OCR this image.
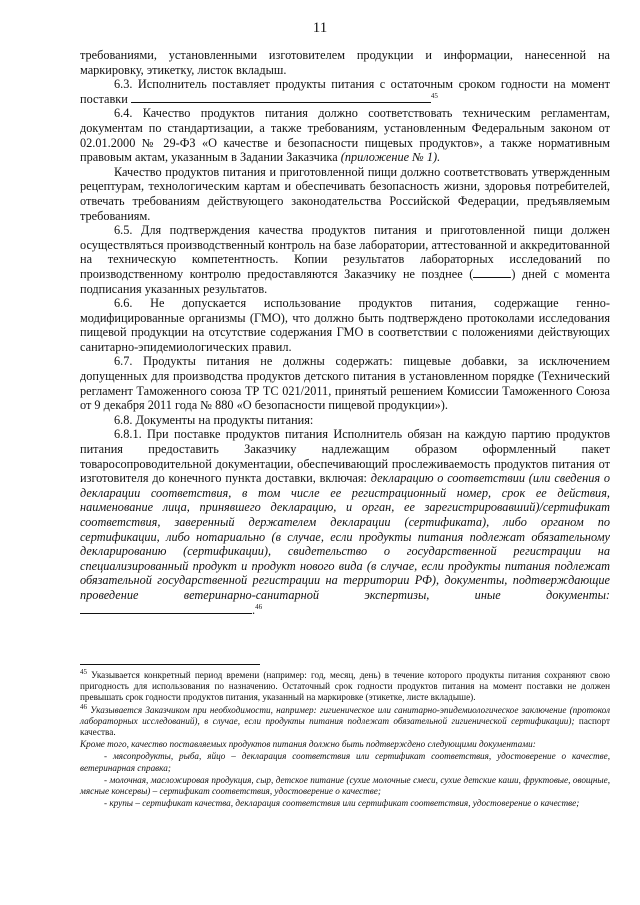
11

требованиями, установленными изготовителем продукции и информации, нанесенной на маркировку, этикетку, листок вкладыш.

6.3. Исполнитель поставляет продукты питания с остаточным сроком годности на момент поставки	$^{45}$

6.4. Качество продуктов питания должно соответствовать техническим регламентам, документам по стандартизации, а также требованиям, установленным Федеральным законом от 02.01.2000 № 29-ФЗ «О качестве и безопасности пищевых продуктов», а также нормативным правовым актам, указанным в Задании Заказчика (приложение № 1).

Качество продуктов питания и приготовленной пищи должно соответствовать утвержденным рецептурам, технологическим картам и обеспечивать безопасность жизни, здоровья потребителей, отвечать требованиям действующего законодательства Российской Федерации, предъявляемым требованиям.

6.5. Для подтверждения качества продуктов питания и приготовленной пищи должен осуществляться производственный контроль на базе лаборатории, аттестованной и аккредитованной на техническую компетентность. Копии результатов лабораторных исследований по производственному контролю предоставляются Заказчику не позднее (	) дней с момента подписания указанных результатов.

6.6. Не допускается использование продуктов питания, содержащие генно-модифицированные организмы (ГМО), что должно быть подтверждено протоколами исследования пищевой продукции на отсутствие содержания ГМО в соответствии с положениями действующих санитарно-эпидемиологических правил.

6.7. Продукты питания не должны содержать: пищевые добавки, за исключением допущенных для производства продуктов детского питания в установленном порядке (Технический регламент Таможенного союза ТР ТС 021/2011, принятый решением Комиссии Таможенного Союза от 9 декабря 2011 года № 880 «О безопасности пищевой продукции»).

6.8. Документы на продукты питания:

6.8.1. При поставке продуктов питания Исполнитель обязан на каждую партию продуктов питания предоставить Заказчику надлежащим образом оформленный пакет товаросопроводительной документации, обеспечивающий прослеживаемость продуктов питания от изготовителя до конечного пункта доставки, включая: декларацию о соответствии (или сведения о декларации соответствия, в том числе ее регистрационный номер, срок ее действия, наименование лица, принявшего декларацию, и орган, ее зарегистрировавший)/сертификат соответствия, заверенный держателем декларации (сертификата), либо органом по сертификации, либо нотариально (в случае, если продукты питания подлежат обязательному декларированию (сертификации), свидетельство о государственной регистрации на специализированный продукт и продукт нового вида (в случае, если продукты питания подлежат обязательной государственной регистрации на территории РФ), документы, подтверждающие проведение ветеринарно-санитарной экспертизы, иные документы:.$^{46}$

$^{45}$ Указывается конкретный период времени (например: год, месяц, день) в течение которого продукты питания сохраняют свою пригодность для использования по назначению. Остаточный срок годности продуктов питания на момент поставки не должен превышать срок годности продуктов питания, указанный на маркировке (этикетке, листе вкладыше).

$^{46}$ Указывается Заказчиком при необходимости, например: гигиеническое или санитарно-эпидемиологическое заключение (протокол лабораторных исследований), в случае, если продукты питания подлежат обязательной гигиенической сертификации); паспорт качества.

Кроме того, качество поставляемых продуктов питания должно быть подтверждено следующими документами:

- мясопродукты, рыба, яйцо – декларация соответствия или сертификат соответствия, удостоверение о качестве, ветеринарная справка;

- молочная, масложировая продукция, сыр, детское питание (сухие молочные смеси, сухие детские каши, фруктовые, овощные, мясные консервы) – сертификат соответствия, удостоверение о качестве;

- крупы – сертификат качества, декларация соответствия или сертификат соответствия, удостоверение о качестве;
